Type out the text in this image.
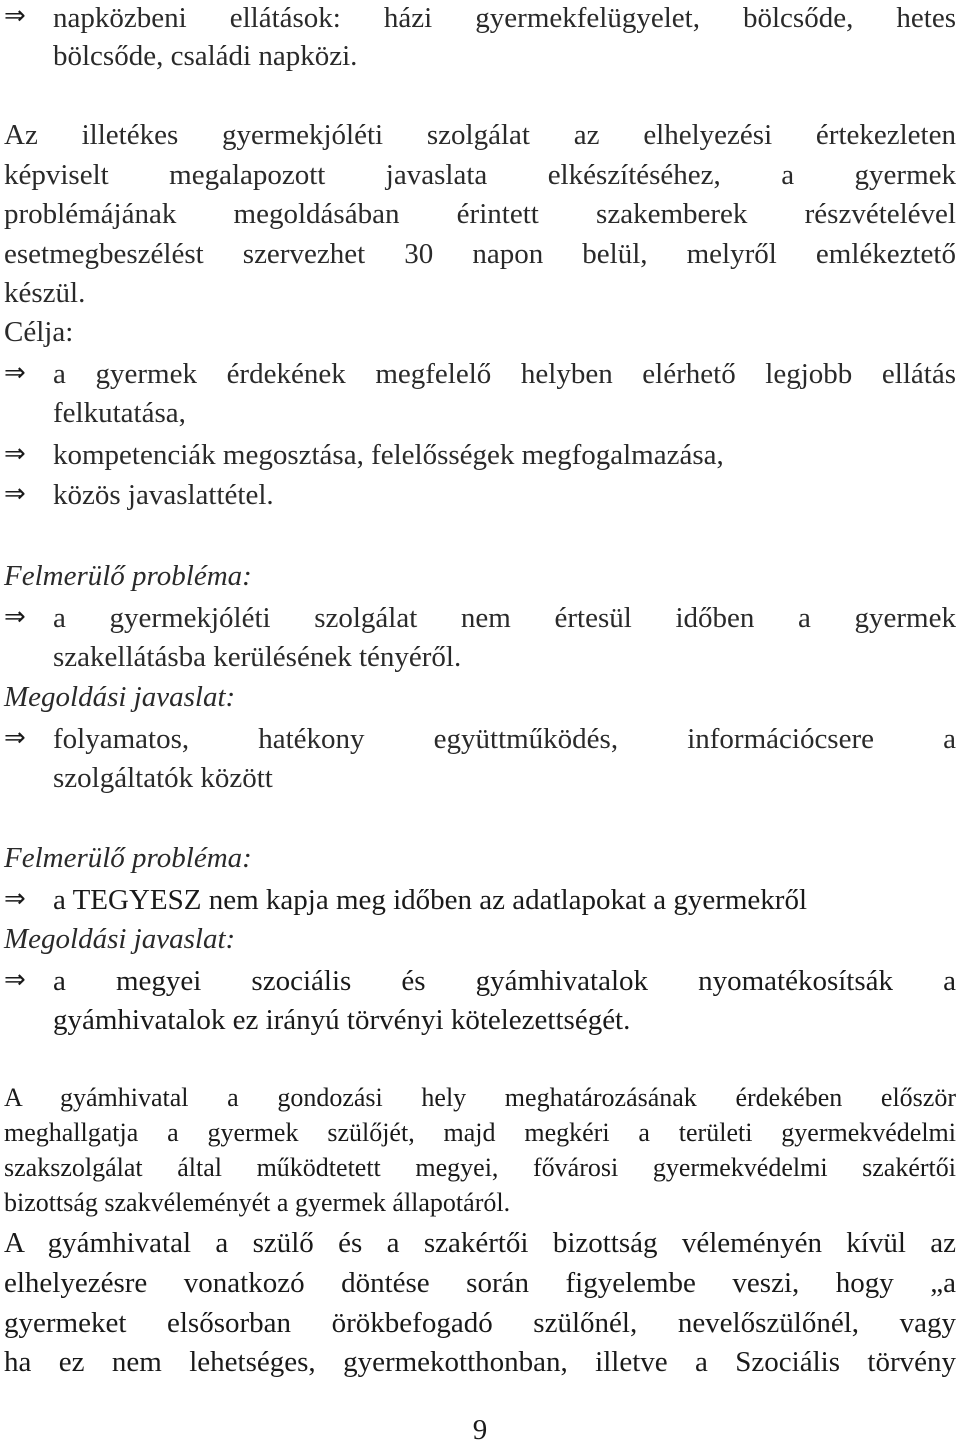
⇒ napközbeni ellátások: házi gyermekfelügyelet, bölcsőde, hetes
bölcsőde, családi napközi.
Az illetékes gyermekjóléti szolgálat az elhelyezési értekezleten
képviselt megalapozott javaslata elkészítéséhez, a gyermek
problémájának megoldásában érintett szakemberek részvételével
esetmegbeszélést szervezhet 30 napon belül, melyről emlékeztető
készül.
Célja:
⇒ a gyermek érdekének megfelelő helyben elérhető legjobb ellátás
felkutatása,
⇒ kompetenciák megosztása, felelősségek megfogalmazása,
⇒ közös javaslattétel.
Felmerülő probléma:
⇒ a gyermekjóléti szolgálat nem értesül időben a gyermek
szakellátásba kerülésének tényéről.
Megoldási javaslat:
⇒ folyamatos, hatékony együttműködés, információcsere a
szolgáltatók között
Felmerülő probléma:
⇒ a TEGYESZ nem kapja meg időben az adatlapokat a gyermekről
Megoldási javaslat:
⇒ a megyei szociális és gyámhivatalok nyomatékosítsák a
gyámhivatalok ez irányú törvényi kötelezettségét.
A gyámhivatal a gondozási hely meghatározásának érdekében először
meghallgatja a gyermek szülőjét, majd megkéri a területi gyermekvédelmi
szakszolgálat által működtetett megyei, fővárosi gyermekvédelmi szakértői
bizottság szakvéleményét a gyermek állapotáról.
A gyámhivatal a szülő és a szakértői bizottság véleményén kívül az
elhelyezésre vonatkozó döntése során figyelembe veszi, hogy „a
gyermeket elsősorban örökbefogadó szülőnél, nevelőszülőnél, vagy
ha ez nem lehetséges, gyermekotthonban, illetve a Szociális törvény
9
